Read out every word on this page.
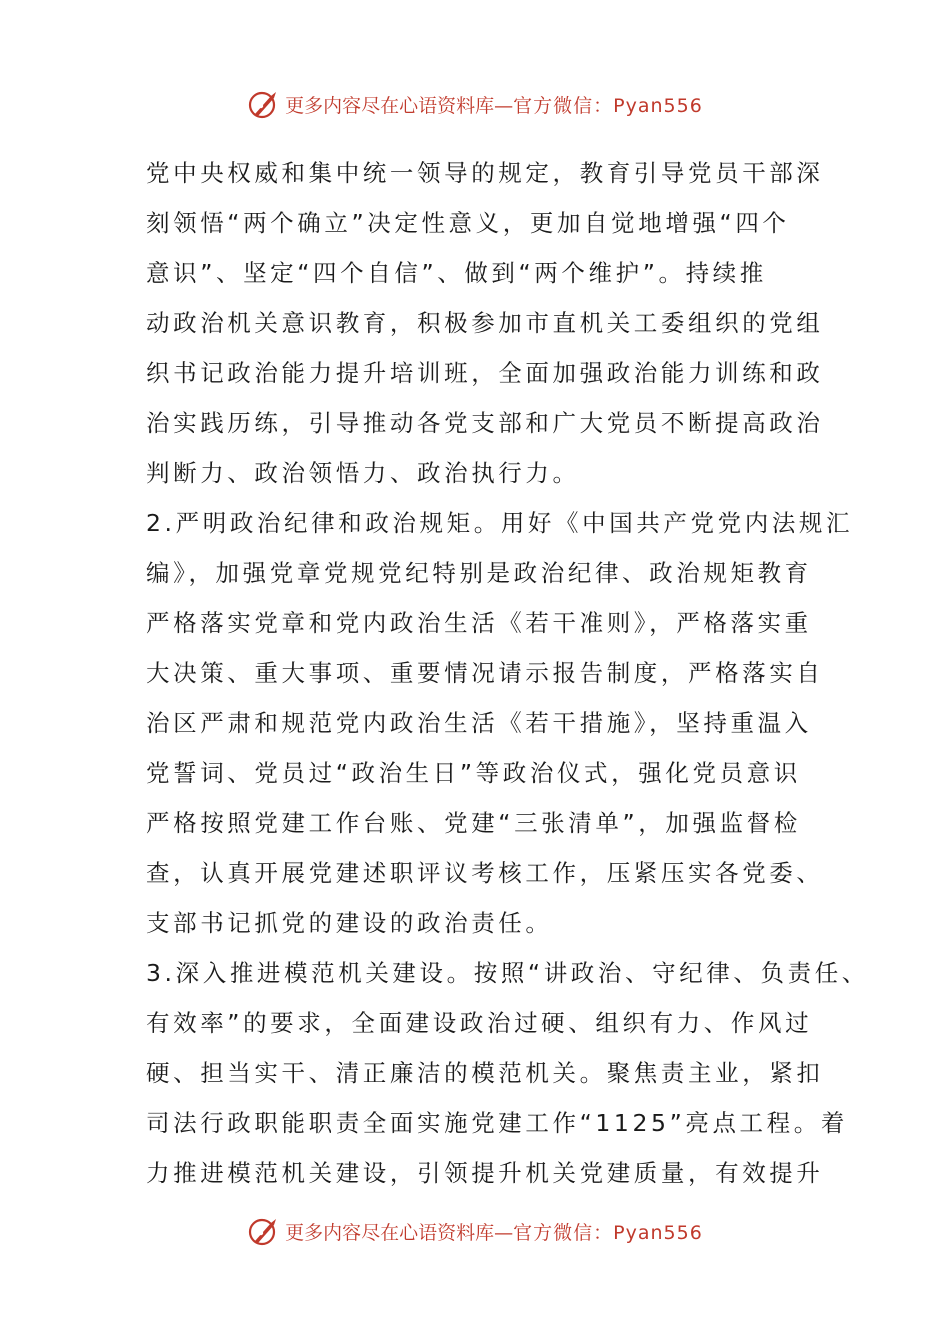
更多内容尽在心语资料库— 官方微信：Pyan556
党中央权威和集中统一领导的规定，教育引导党员干部深
刻领悟“两个确立”决定性意义，更加自觉地增强“四个
意识”、坚定“四个自信”、做到“两个维护”。持续推
动政治机关意识教育，积极参加市直机关工委组织的党组
织书记政治能力提升培训班，全面加强政治能力训练和政
治实践历练，引导推动各党支部和广大党员不断提高政治
判断力、政治领悟力、政治执行力。
2.严明政治纪律和政治规矩。用好《中国共产党党内法规汇
编》，加强党章党规党纪特别是政治纪律、政治规矩教育
严格落实党章和党内政治生活《若干准则》，严格落实重
大决策、重大事项、重要情况请示报告制度，严格落实自
治区严肃和规范党内政治生活《若干措施》，坚持重温入
党誓词、党员过“政治生日”等政治仪式，强化党员意识
严格按照党建工作台账、党建“三张清单”，加强监督检
查，认真开展党建述职评议考核工作，压紧压实各党委、
支部书记抓党的建设的政治责任。
3.深入推进模范机关建设。按照“讲政治、守纪律、负责任、
有效率”的要求，全面建设政治过硬、组织有力、作风过
硬、担当实干、清正廉洁的模范机关。聚焦责主业，紧扣
司法行政职能职责全面实施党建工作“1125”亮点工程。着
力推进模范机关建设，引领提升机关党建质量，有效提升
更多内容尽在心语资料库— 官方微信：Pyan556
